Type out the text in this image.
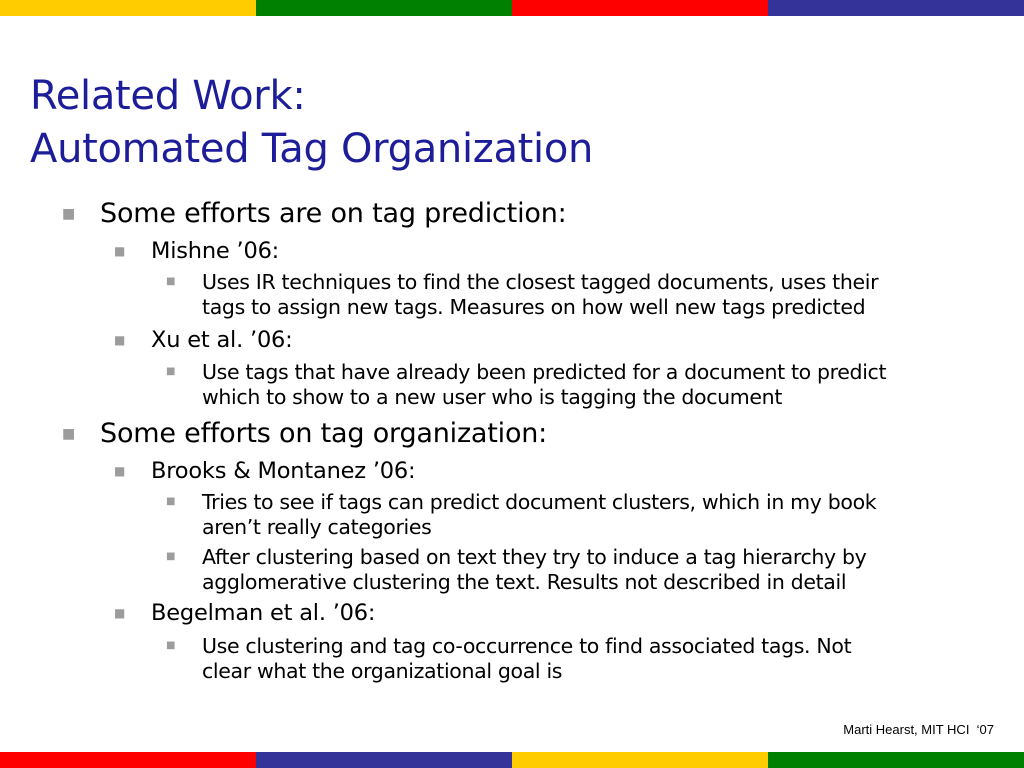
Related Work:
Automated Tag Organization
■ Some efforts are on tag prediction:
■ Mishne ’06:
■ Uses IR techniques to find the closest tagged documents, uses their
tags to assign new tags. Measures on how well new tags predicted
■ Xu et al. ’06:
■ Use tags that have already been predicted for a document to predict
which to show to a new user who is tagging the document
■ Some efforts on tag organization:
■ Brooks & Montanez ’06:
■ Tries to see if tags can predict document clusters, which in my book
aren’t really categories
■ After clustering based on text they try to induce a tag hierarchy by
agglomerative clustering the text. Results not described in detail
■ Begelman et al. ’06:
■ Use clustering and tag co-occurrence to find associated tags. Not
clear what the organizational goal is
Marti Hearst, MIT HCI  ‘07
